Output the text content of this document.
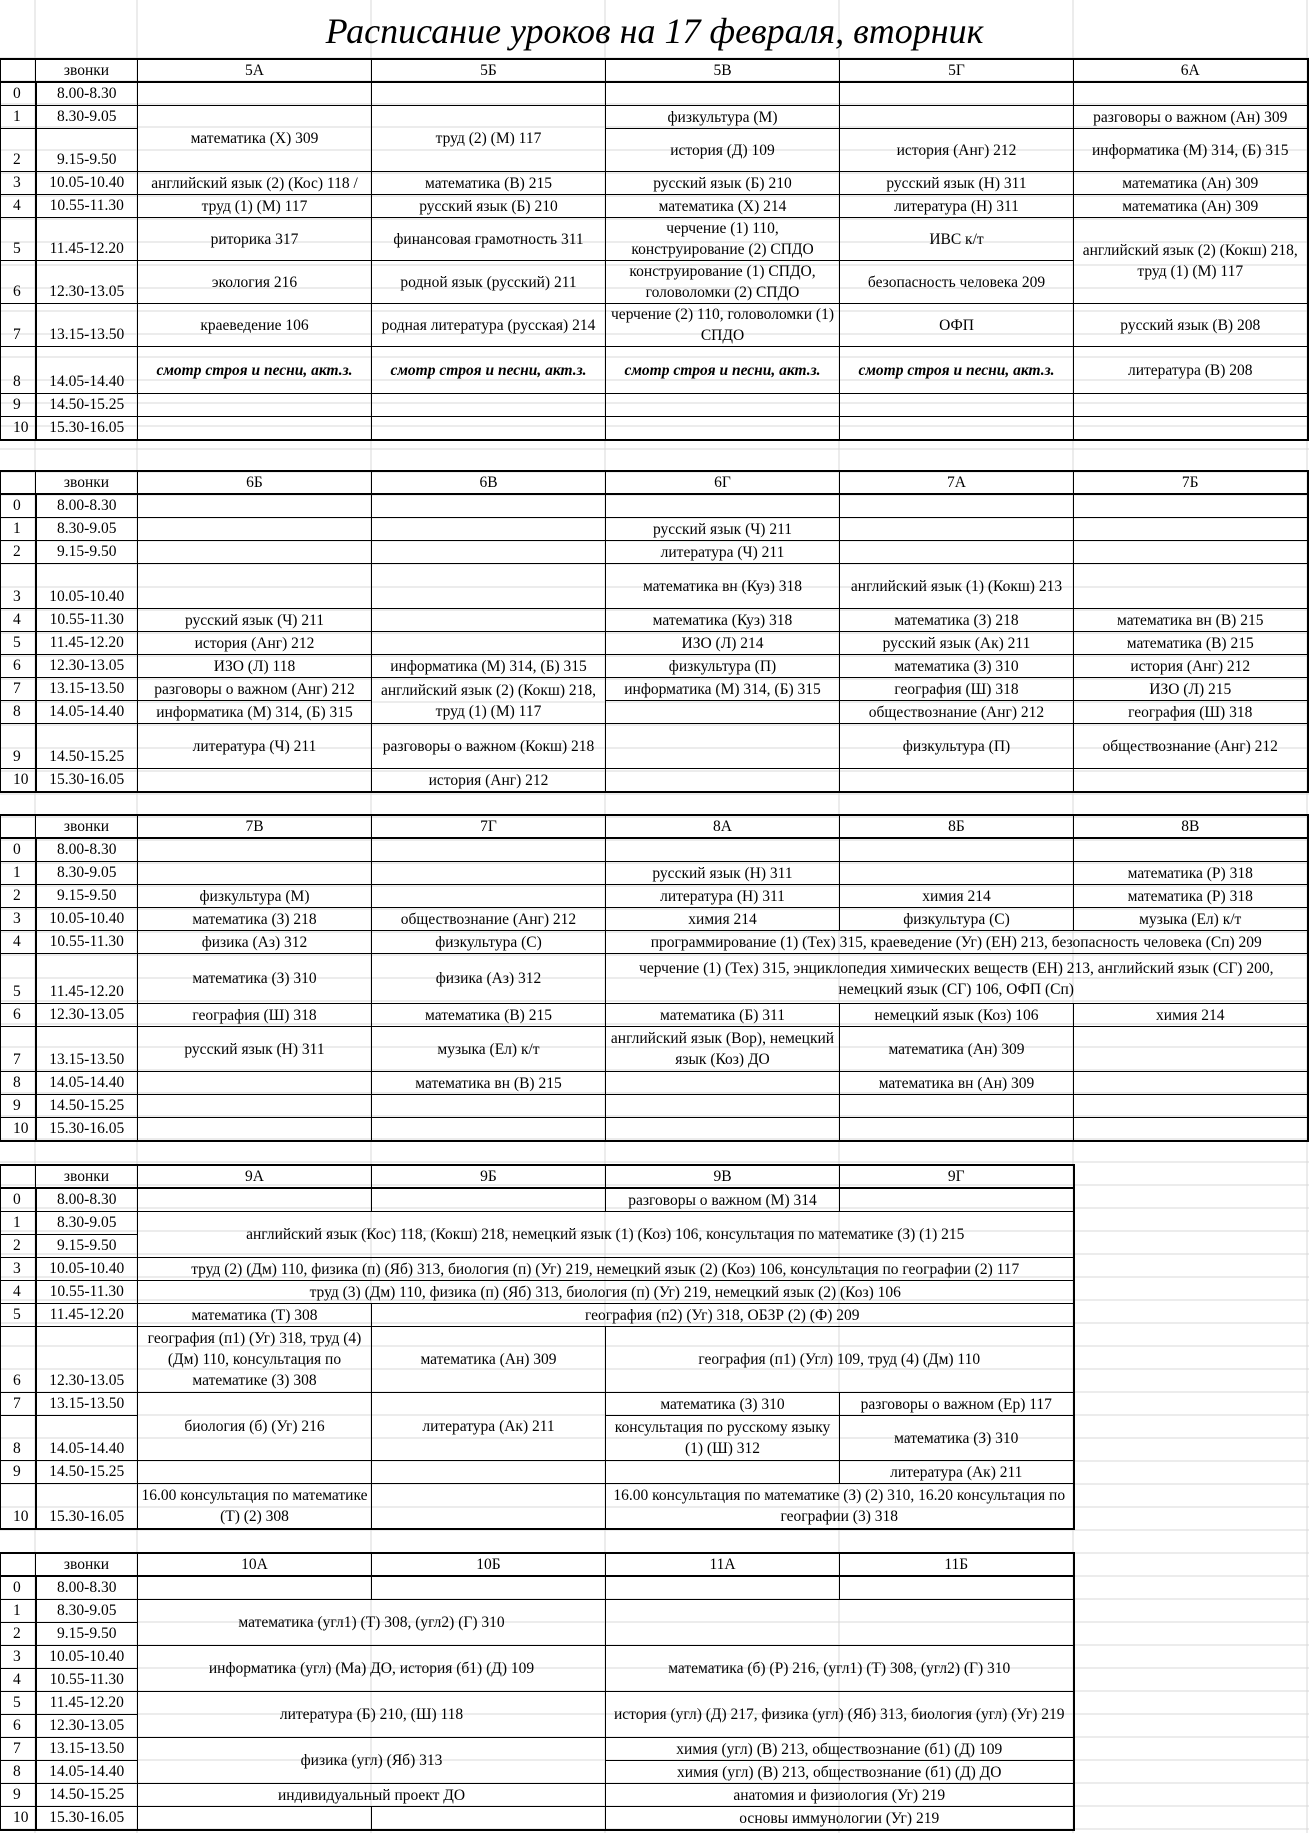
Расписание уроков на 17 февраля, вторник
	звонки	5А	5Б	5В	5Г	6А
0	8.00-8.30					
1	8.30-9.05	математика (Х) 309	труд (2) (М) 117	физкультура (М)		разговоры о важном (Ан) 309
2	9.15-9.50			история (Д) 109	история (Анг) 212	информатика (М) 314, (Б) 315
3	10.05-10.40	английский язык (2) (Кос) 118 /	математика (В) 215	русский язык (Б) 210	русский язык (Н) 311	математика (Ан) 309
4	10.55-11.30	труд (1) (М) 117	русский язык (Б) 210	математика (Х) 214	литература (Н) 311	математика (Ан) 309
5	11.45-12.20	риторика 317	финансовая грамотность 311	черчение (1) 110, конструирование (2) СПДО	ИВС к/т	английский язык (2) (Кокш) 218, труд (1) (М) 117
6	12.30-13.05	экология 216	родной язык (русский) 211	конструирование (1) СПДО, головоломки (2) СПДО	безопасность человека 209	
7	13.15-13.50	краеведение 106	родная литература (русская) 214	черчение (2) 110, головоломки (1) СПДО	ОФП	русский язык (В) 208
8	14.05-14.40	смотр строя и песни, акт.з.	смотр строя и песни, акт.з.	смотр строя и песни, акт.з.	смотр строя и песни, акт.з.	литература (В) 208
9	14.50-15.25					
10	15.30-16.05					
	звонки	6Б	6В	6Г	7А	7Б
0	8.00-8.30					
1	8.30-9.05			русский язык (Ч) 211		
2	9.15-9.50			литература (Ч) 211		
3	10.05-10.40			математика вн (Куз) 318	английский язык (1) (Кокш) 213	
4	10.55-11.30	русский язык (Ч) 211		математика (Куз) 318	математика (З) 218	математика вн (В) 215
5	11.45-12.20	история (Анг) 212		ИЗО (Л) 214	русский язык (Ак) 211	математика (В) 215
6	12.30-13.05	ИЗО (Л) 118	информатика (М) 314, (Б) 315	физкультура (П)	математика (З) 310	история (Анг) 212
7	13.15-13.50	разговоры о важном (Анг) 212	английский язык (2) (Кокш) 218, труд (1) (М) 117	информатика (М) 314, (Б) 315	география (Ш) 318	ИЗО (Л) 215
8	14.05-14.40	информатика (М) 314, (Б) 315			обществознание (Анг) 212	география (Ш) 318
9	14.50-15.25	литература (Ч) 211	разговоры о важном (Кокш) 218		физкультура (П)	обществознание (Анг) 212
10	15.30-16.05		история (Анг) 212			
	звонки	7В	7Г	8А	8Б	8В
0	8.00-8.30					
1	8.30-9.05			русский язык (Н) 311		математика (Р) 318
2	9.15-9.50	физкультура (М)		литература (Н) 311	химия 214	математика (Р) 318
3	10.05-10.40	математика (З) 218	обществознание (Анг) 212	химия 214	физкультура (С)	музыка (Ел) к/т
4	10.55-11.30	физика (Аз) 312	физкультура (С)	программирование (1) (Тех) 315, краеведение (Уг) (ЕН) 213, безопасность человека (Сп) 209		
5	11.45-12.20	математика (З) 310	физика (Аз) 312	черчение (1) (Тех) 315, энциклопедия химических веществ (ЕН) 213, английский язык (СГ) 200, немецкий язык (СГ) 106, ОФП (Сп)		
6	12.30-13.05	география (Ш) 318	математика (В) 215	математика (Б) 311	немецкий язык (Коз) 106	химия 214
7	13.15-13.50	русский язык (Н) 311	музыка (Ел) к/т	английский язык (Вор), немецкий язык (Коз) ДО	математика (Ан) 309	
8	14.05-14.40		математика вн (В) 215		математика вн (Ан) 309	
9	14.50-15.25					
10	15.30-16.05					
	звонки	9А	9Б	9В	9Г
0	8.00-8.30			разговоры о важном (М) 314	
1	8.30-9.05	английский язык (Кос) 118, (Кокш) 218, немецкий язык (1) (Коз) 106, консультация по математике (З) (1) 215			
2	9.15-9.50				
3	10.05-10.40	труд (2) (Дм) 110, физика (п) (Яб) 313, биология (п) (Уг) 219, немецкий язык (2) (Коз) 106, консультация по географии (2) 117			
4	10.55-11.30	труд (3) (Дм) 110, физика (п) (Яб) 313, биология (п) (Уг) 219, немецкий язык (2) (Коз) 106			
5	11.45-12.20	математика (Т) 308	география (п2) (Уг) 318, ОБЗР (2) (Ф) 209		
6	12.30-13.05	география (п1) (Уг) 318, труд (4) (Дм) 110, консультация по математике (З) 308	математика (Ан) 309	география (п1) (Угл) 109, труд (4) (Дм) 110	
7	13.15-13.50	биология (б) (Уг) 216	литература (Ак) 211	математика (З) 310	разговоры о важном (Ер) 117
8	14.05-14.40			консультация по русскому языку (1) (Ш) 312	математика (З) 310
9	14.50-15.25				литература (Ак) 211
10	15.30-16.05	16.00 консультация по математике (Т) (2) 308		16.00 консультация по математике (З) (2) 310, 16.20 консультация по географии (3) 318	
	звонки	10А	10Б	11А	11Б
0	8.00-8.30				
1	8.30-9.05	математика (угл1) (Т) 308, (угл2) (Г) 310			
2	9.15-9.50				
3	10.05-10.40	информатика (угл) (Ма) ДО, история (б1) (Д) 109		математика (б) (Р) 216, (угл1) (Т) 308, (угл2) (Г) 310	
4	10.55-11.30				
5	11.45-12.20	литература (Б) 210, (Ш) 118		история (угл) (Д) 217, физика (угл) (Яб) 313, биология (угл) (Уг) 219	
6	12.30-13.05				
7	13.15-13.50	физика (угл) (Яб) 313		химия (угл) (В) 213, обществознание (б1) (Д) 109	
8	14.05-14.40			химия (угл) (В) 213, обществознание (б1) (Д) ДО	
9	14.50-15.25	индивидуальный проект ДО		анатомия и физиология (Уг) 219	
10	15.30-16.05			основы иммунологии (Уг) 219	
